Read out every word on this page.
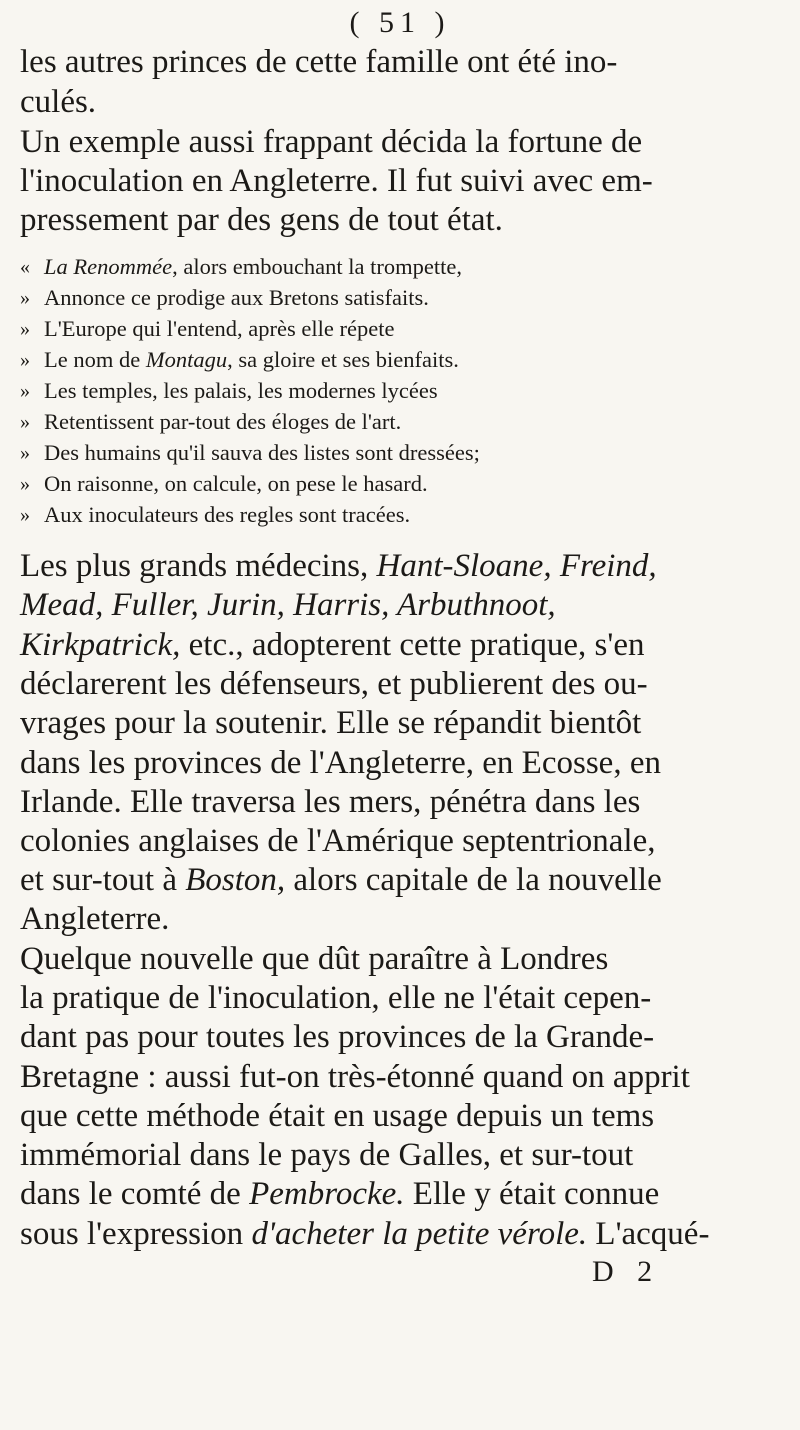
( 51 )
les autres princes de cette famille ont été ino-
culés.
Un exemple aussi frappant décida la fortune de
l'inoculation en Angleterre. Il fut suivi avec em-
pressement par des gens de tout état.
« La Renommée, alors embouchant la trompette,
» Annonce ce prodige aux Bretons satisfaits.
» L'Europe qui l'entend, après elle répete
» Le nom de Montagu, sa gloire et ses bienfaits.
» Les temples, les palais, les modernes lycées
» Retentissent par-tout des éloges de l'art.
» Des humains qu'il sauva des listes sont dressées;
» On raisonne, on calcule, on pese le hasard.
» Aux inoculateurs des regles sont tracées.
Les plus grands médecins, Hant-Sloane, Freind,
Mead, Fuller, Jurin, Harris, Arbuthnoot,
Kirkpatrick, etc., adopterent cette pratique, s'en
déclarerent les défenseurs, et publierent des ou-
vrages pour la soutenir. Elle se répandit bientôt
dans les provinces de l'Angleterre, en Ecosse, en
Irlande. Elle traversa les mers, pénétra dans les
colonies anglaises de l'Amérique septentrionale,
et sur-tout à Boston, alors capitale de la nouvelle
Angleterre.
Quelque nouvelle que dût paraître à Londres
la pratique de l'inoculation, elle ne l'était cepen-
dant pas pour toutes les provinces de la Grande-
Bretagne : aussi fut-on très-étonné quand on apprit
que cette méthode était en usage depuis un tems
immémorial dans le pays de Galles, et sur-tout
dans le comté de Pembrocke. Elle y était connue
sous l'expression d'acheter la petite vérole. L'acqué-
D 2
